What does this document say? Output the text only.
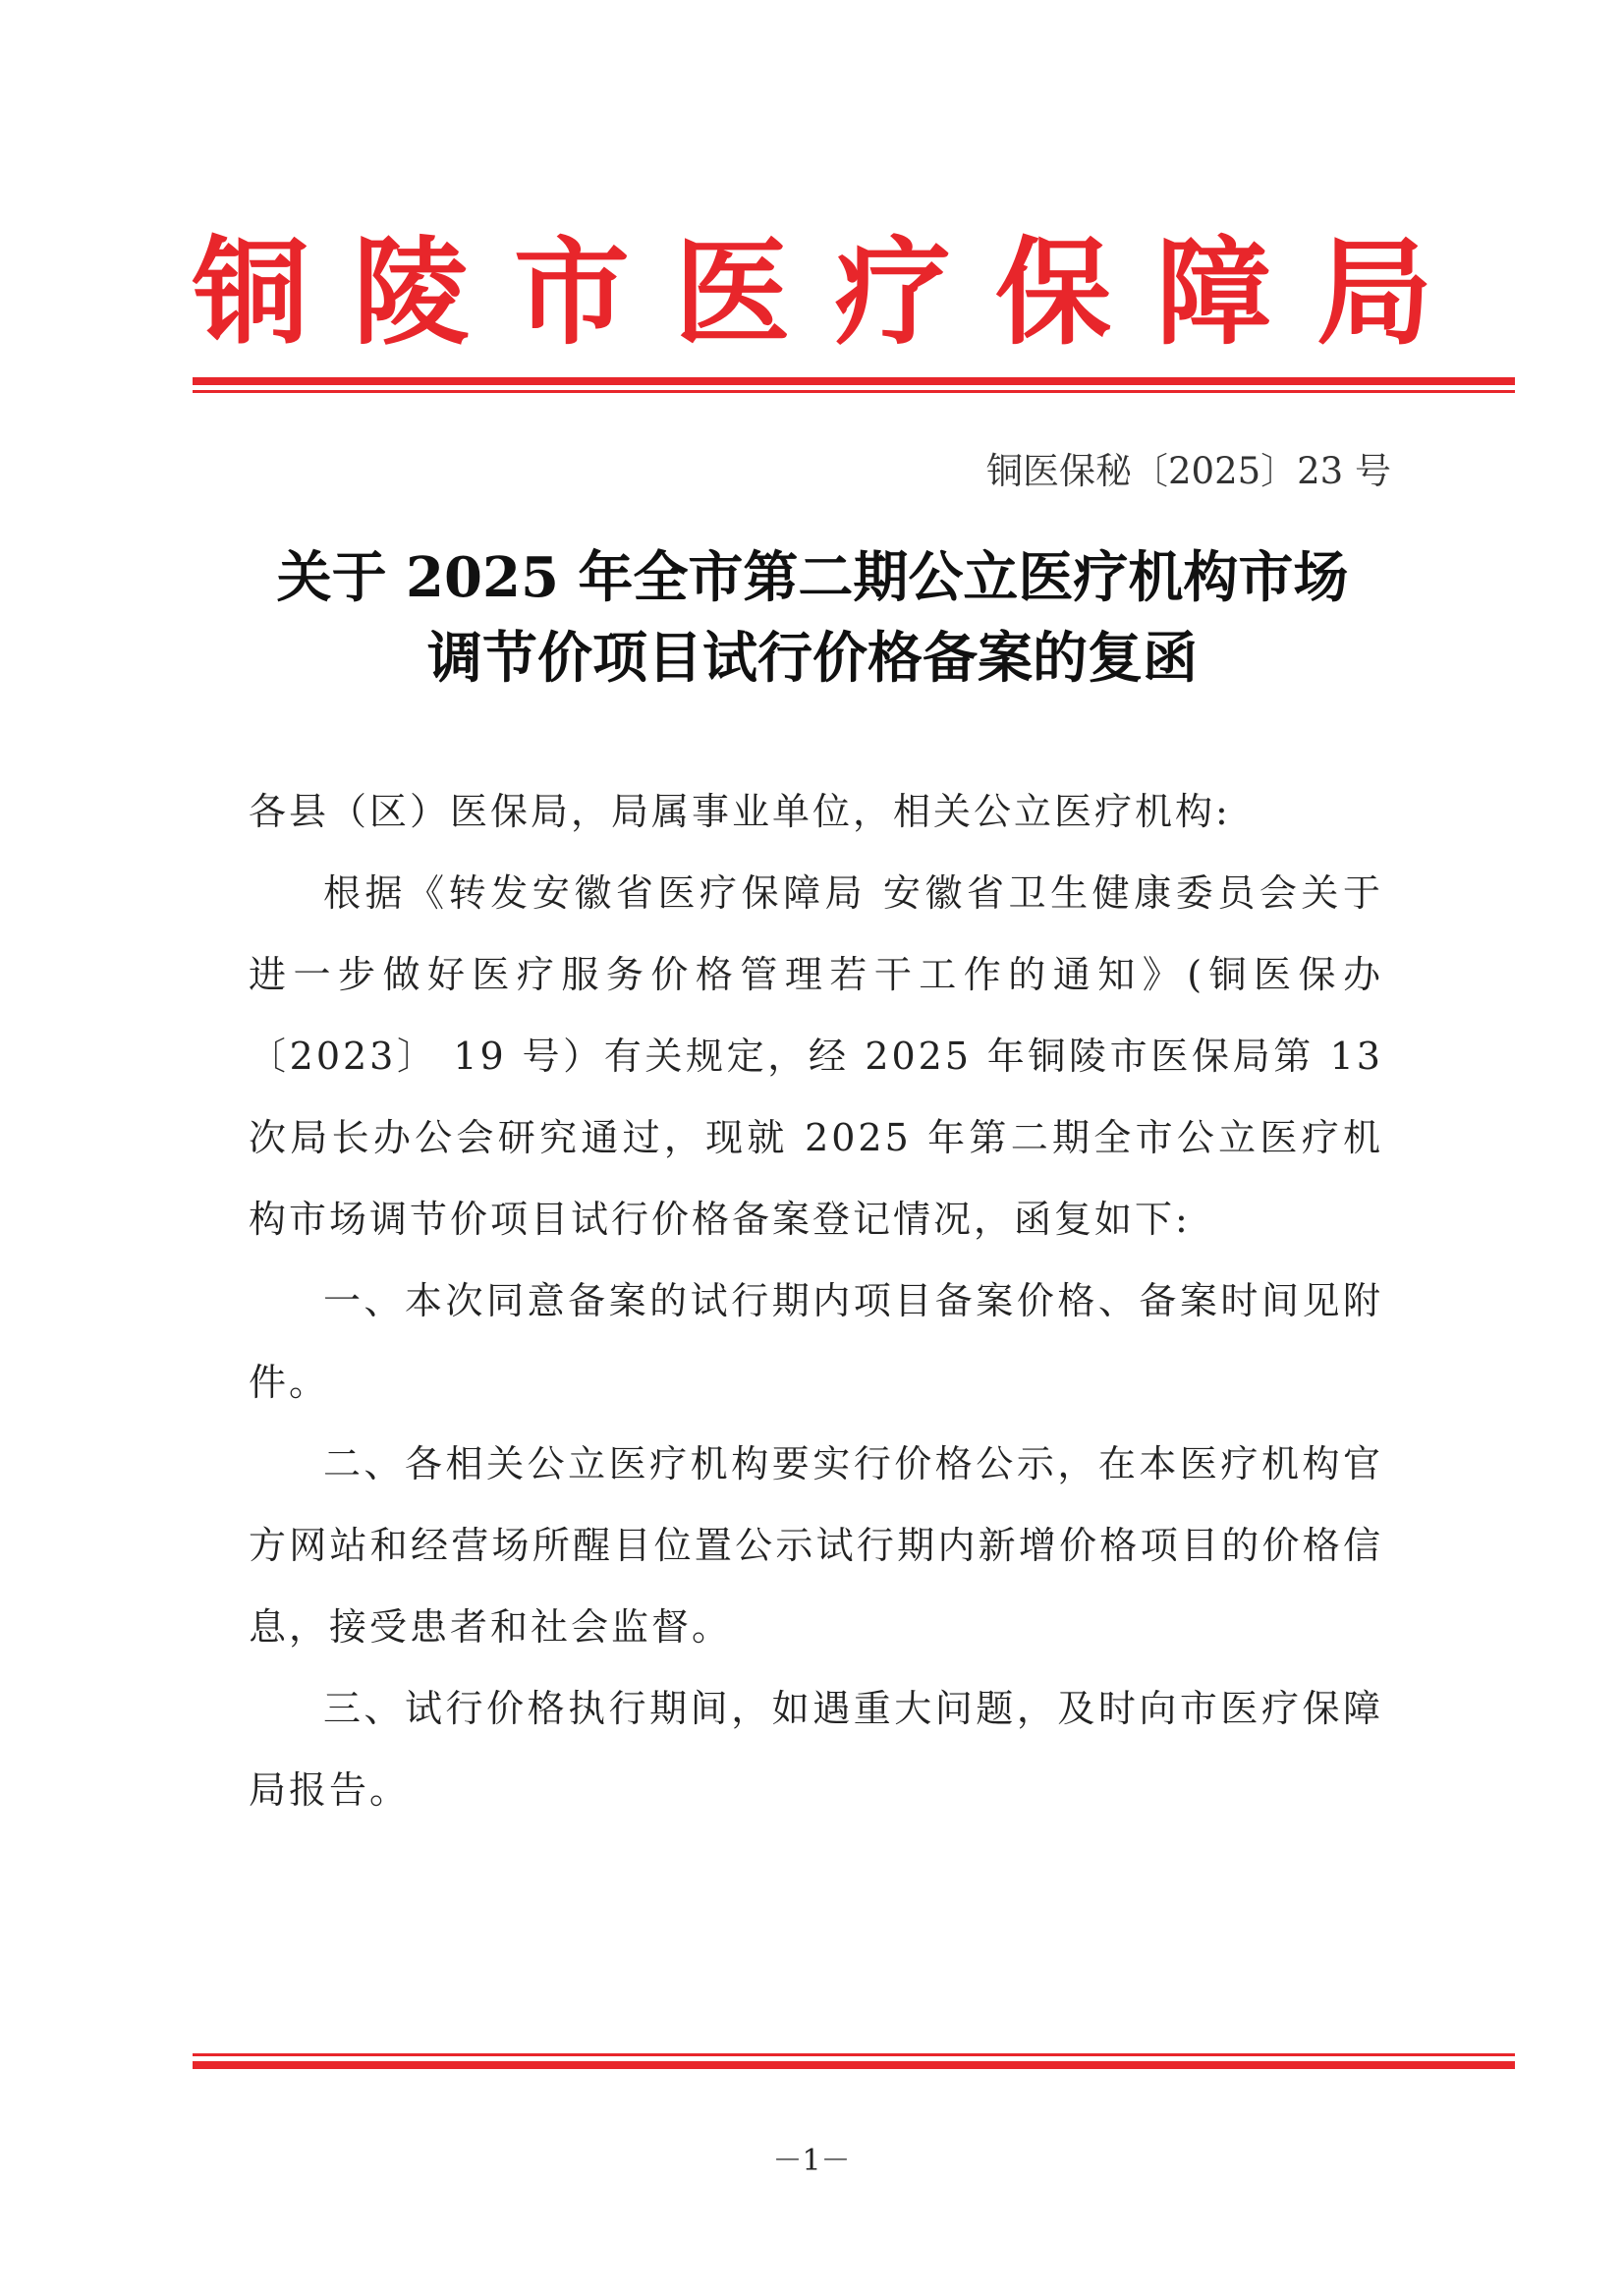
铜 陵 市 医 疗 保 障 局
铜医保秘〔2025〕23 号
关于 2025 年全市第二期公立医疗机构市场
调节价项目试行价格备案的复函

各县（区）医保局，局属事业单位，相关公立医疗机构:

根据《转发安徽省医疗保障局 安徽省卫生健康委员会关于进一步做好医疗服务价格管理若干工作的通知》(铜医保办〔2023〕 19 号）有关规定，经 2025 年铜陵市医保局第 13 次局长办公会研究通过，现就 2025 年第二期全市公立医疗机构市场调节价项目试行价格备案登记情况，函复如下:

一、本次同意备案的试行期内项目备案价格、备案时间见附件。

二、各相关公立医疗机构要实行价格公示，在本医疗机构官方网站和经营场所醒目位置公示试行期内新增价格项目的价格信息，接受患者和社会监督。

三、试行价格执行期间，如遇重大问题，及时向市医疗保障局报告。

－1－
